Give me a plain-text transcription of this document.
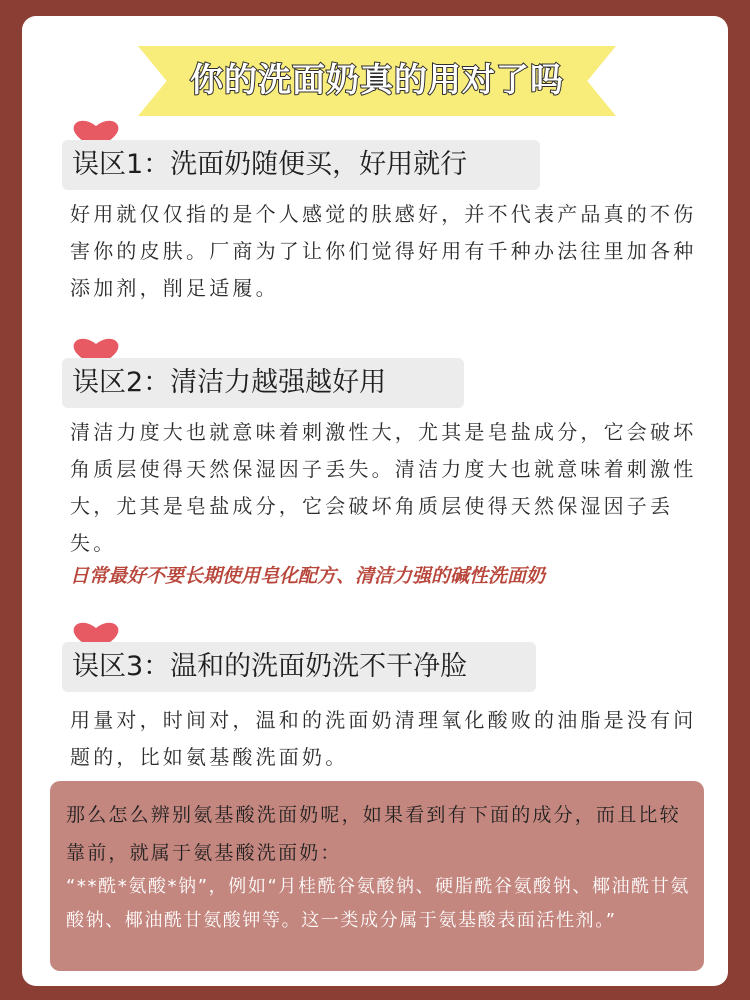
你的洗面奶真的用对了吗
误区1：洗面奶随便买，好用就行
好用就仅仅指的是个人感觉的肤感好，并不代表产品真的不伤害你的皮肤。厂商为了让你们觉得好用有千种办法往里加各种添加剂，削足适履。
误区2：清洁力越强越好用
清洁力度大也就意味着刺激性大，尤其是皂盐成分，它会破坏角质层使得天然保湿因子丢失。清洁力度大也就意味着刺激性大，尤其是皂盐成分，它会破坏角质层使得天然保湿因子丢失。
日常最好不要长期使用皂化配方、清洁力强的碱性洗面奶
误区3：温和的洗面奶洗不干净脸
用量对，时间对，温和的洗面奶清理氧化酸败的油脂是没有问题的，比如氨基酸洗面奶。
那么怎么辨别氨基酸洗面奶呢，如果看到有下面的成分，而且比较靠前，就属于氨基酸洗面奶：
“**酰*氨酸*钠”，例如“月桂酰谷氨酸钠、硬脂酰谷氨酸钠、椰油酰甘氨酸钠、椰油酰甘氨酸钾等。这一类成分属于氨基酸表面活性剂。”
